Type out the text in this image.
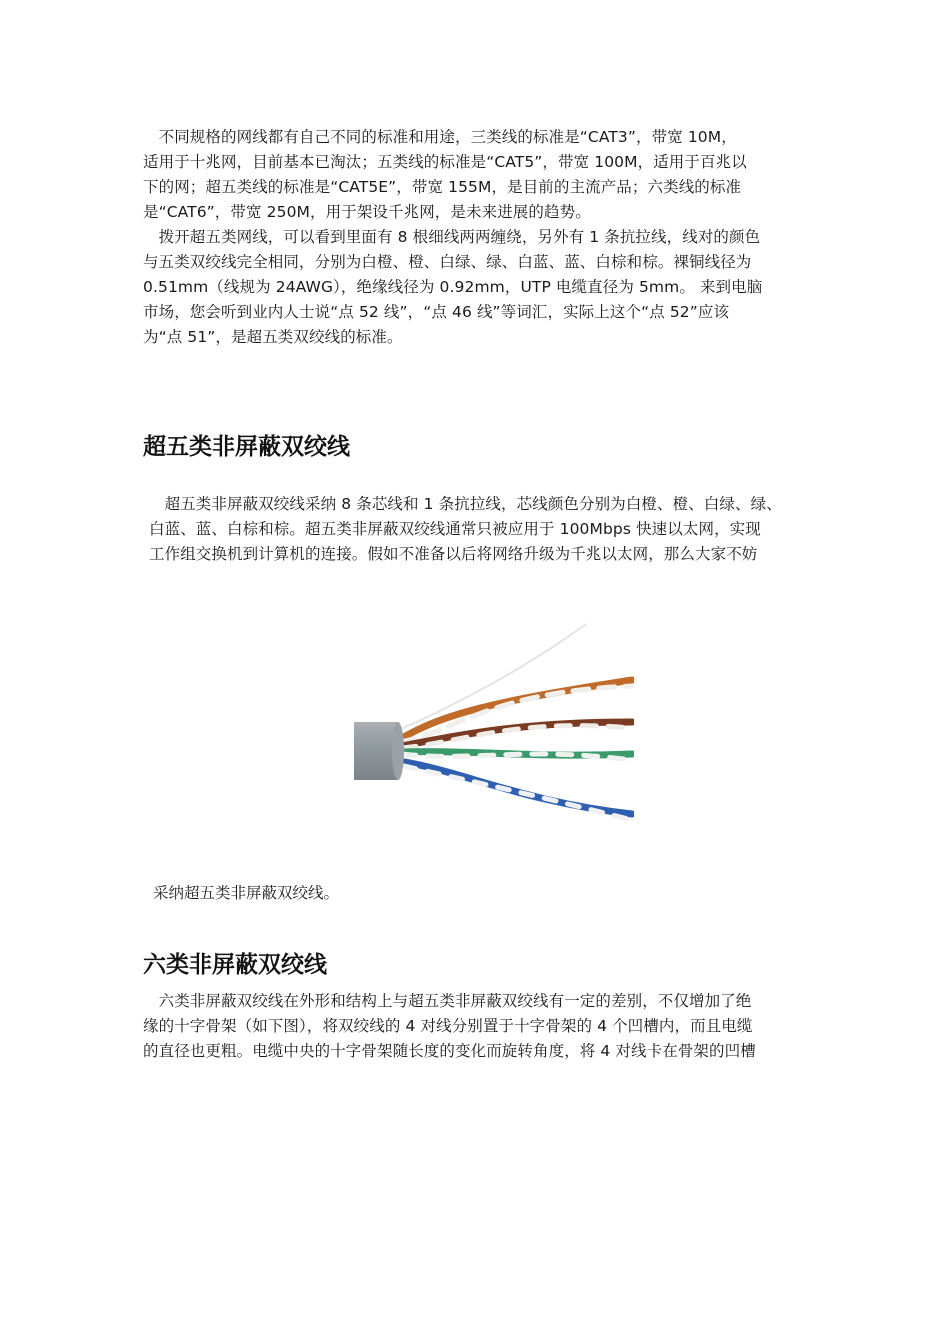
　不同规格的网线都有自己不同的标准和用途，三类线的标准是“CAT3”，带宽 10M，
适用于十兆网，目前基本已淘汰；五类线的标准是“CAT5”，带宽 100M，适用于百兆以
下的网；超五类线的标准是“CAT5E”，带宽 155M，是目前的主流产品；六类线的标准
是“CAT6”，带宽 250M，用于架设千兆网，是未来进展的趋势。
　拨开超五类网线，可以看到里面有 8 根细线两两缠绕，另外有 1 条抗拉线，线对的颜色
与五类双绞线完全相同，分别为白橙、橙、白绿、绿、白蓝、蓝、白棕和棕。裸铜线径为
0.51mm（线规为 24AWG），绝缘线径为 0.92mm，UTP 电缆直径为 5mm。 来到电脑
市场，您会听到业内人士说“点 52 线”，“点 46 线”等词汇，实际上这个“点 52”应该
为“点 51”，是超五类双绞线的标准。
超五类非屏蔽双绞线
　超五类非屏蔽双绞线采纳 8 条芯线和 1 条抗拉线，芯线颜色分别为白橙、橙、白绿、绿、
白蓝、蓝、白棕和棕。超五类非屏蔽双绞线通常只被应用于 100Mbps 快速以太网，实现
工作组交换机到计算机的连接。假如不准备以后将网络升级为千兆以太网，那么大家不妨

采纳超五类非屏蔽双绞线。

六类非屏蔽双绞线
　六类非屏蔽双绞线在外形和结构上与超五类非屏蔽双绞线有一定的差别，不仅增加了绝
缘的十字骨架（如下图），将双绞线的 4 对线分别置于十字骨架的 4 个凹槽内，而且电缆
的直径也更粗。电缆中央的十字骨架随长度的变化而旋转角度，将 4 对线卡在骨架的凹槽
